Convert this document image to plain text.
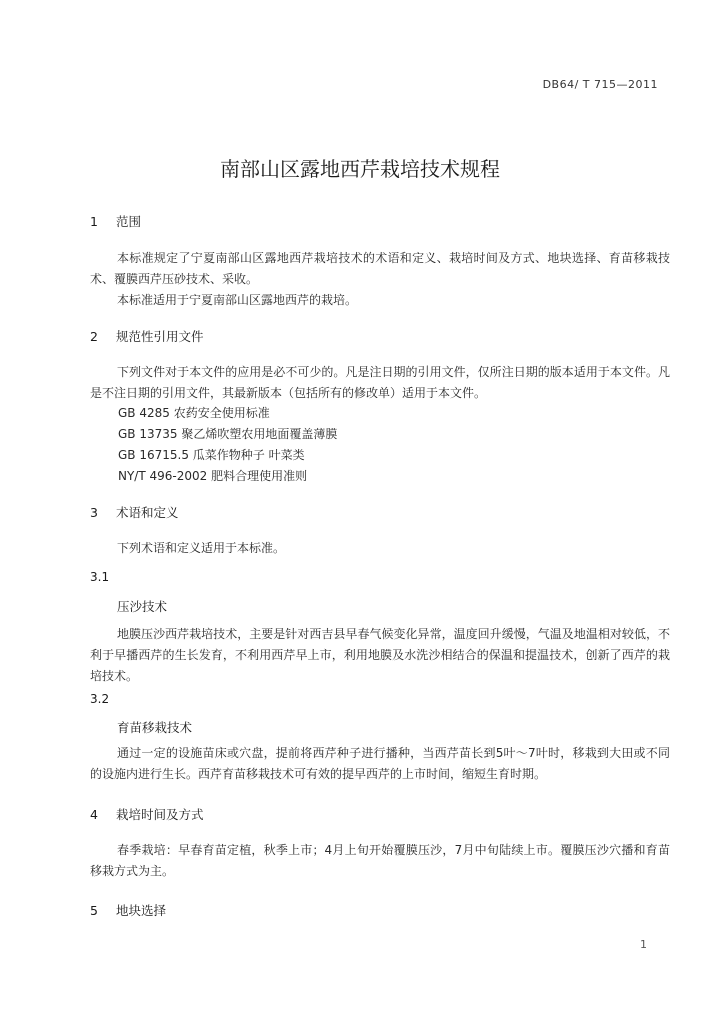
DB64/ T 715—2011
南部山区露地西芹栽培技术规程
1 范围
本标准规定了宁夏南部山区露地西芹栽培技术的术语和定义、栽培时间及方式、地块选择、育苗移栽技术、覆膜西芹压砂技术、采收。
本标准适用于宁夏南部山区露地西芹的栽培。
2 规范性引用文件
下列文件对于本文件的应用是必不可少的。凡是注日期的引用文件，仅所注日期的版本适用于本文件。凡是不注日期的引用文件，其最新版本（包括所有的修改单）适用于本文件。
GB 4285 农药安全使用标准
GB 13735 聚乙烯吹塑农用地面覆盖薄膜
GB 16715.5 瓜菜作物种子 叶菜类
NY/T 496-2002 肥料合理使用准则
3 术语和定义
下列术语和定义适用于本标准。
3.1
压沙技术
地膜压沙西芹栽培技术，主要是针对西吉县早春气候变化异常，温度回升缓慢，气温及地温相对较低，不利于早播西芹的生长发育，不利用西芹早上市，利用地膜及水洗沙相结合的保温和提温技术，创新了西芹的栽培技术。
3.2
育苗移栽技术
通过一定的设施苗床或穴盘，提前将西芹种子进行播种，当西芹苗长到5叶～7叶时，移栽到大田或不同的设施内进行生长。西芹育苗移栽技术可有效的提早西芹的上市时间，缩短生育时期。
4 栽培时间及方式
春季栽培：早春育苗定植，秋季上市；4月上旬开始覆膜压沙，7月中旬陆续上市。覆膜压沙穴播和育苗移栽方式为主。
5 地块选择
1
